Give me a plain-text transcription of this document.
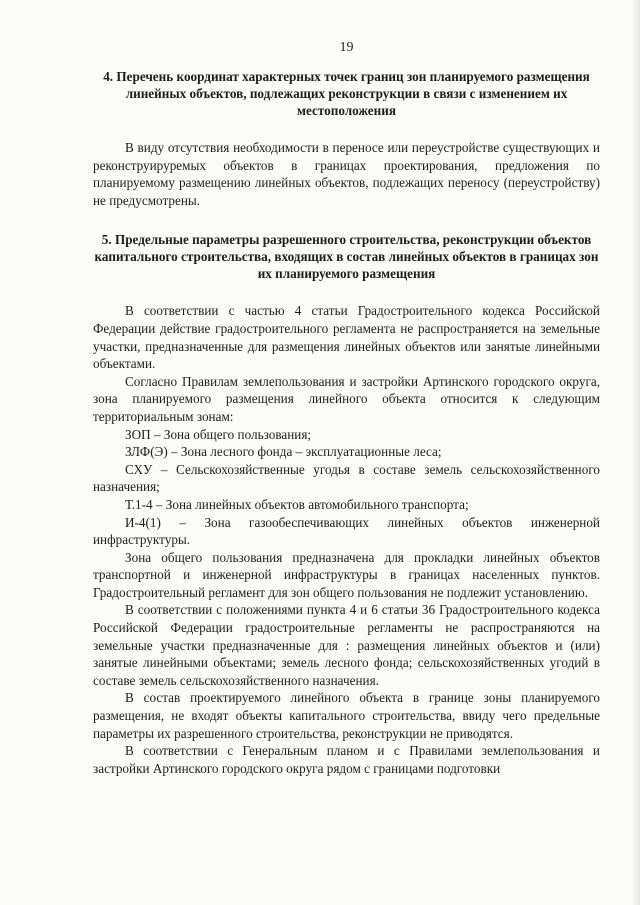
19
4. Перечень координат характерных точек границ зон планируемого размещения линейных объектов, подлежащих реконструкции в связи с изменением их местоположения

В виду отсутствия необходимости в переносе или переустройстве существующих и реконструируремых объектов в границах проектирования, предложения по планируемому размещению линейных объектов, подлежащих переносу (переустройству) не предусмотрены.

5. Предельные параметры разрешенного строительства, реконструкции объектов капитального строительства, входящих в состав линейных объектов в границах зон их планируемого размещения

В соответствии с частью 4 статьи Градостроительного кодекса Российской Федерации действие градостроительного регламента не распространяется на земельные участки, предназначенные для размещения линейных объектов или занятые линейными объектами.

Согласно Правилам землепользования и застройки Артинского городского округа, зона планируемого размещения линейного объекта относится к следующим территориальным зонам:

ЗОП – Зона общего пользования;

ЗЛФ(Э) – Зона лесного фонда – эксплуатационные леса;

СХУ – Сельскохозяйственные угодья в составе земель сельскохозяйственного назначения;

Т.1-4 – Зона линейных объектов автомобильного транспорта;

И-4(1) – Зона газообеспечивающих линейных объектов инженерной инфраструктуры.

Зона общего пользования предназначена для прокладки линейных объектов транспортной и инженерной инфраструктуры в границах населенных пунктов. Градостроительный регламент для зон общего пользования не подлежит установлению.

В соответствии с положениями пункта 4 и 6 статьи 36 Градостроительного кодекса Российской Федерации градостроительные регламенты не распространяются на земельные участки предназначенные для : размещения линейных объектов и (или) занятые линейными объектами; земель лесного фонда; сельскохозяйственных угодий в составе земель сельскохозяйственного назначения.

В состав проектируемого линейного объекта в границе зоны планируемого размещения, не входят объекты капитального строительства, ввиду чего предельные параметры их разрешенного строительства, реконструкции не приводятся.

В соответствии с Генеральным планом и с Правилами землепользования и застройки Артинского городского округа рядом с границами подготовки
